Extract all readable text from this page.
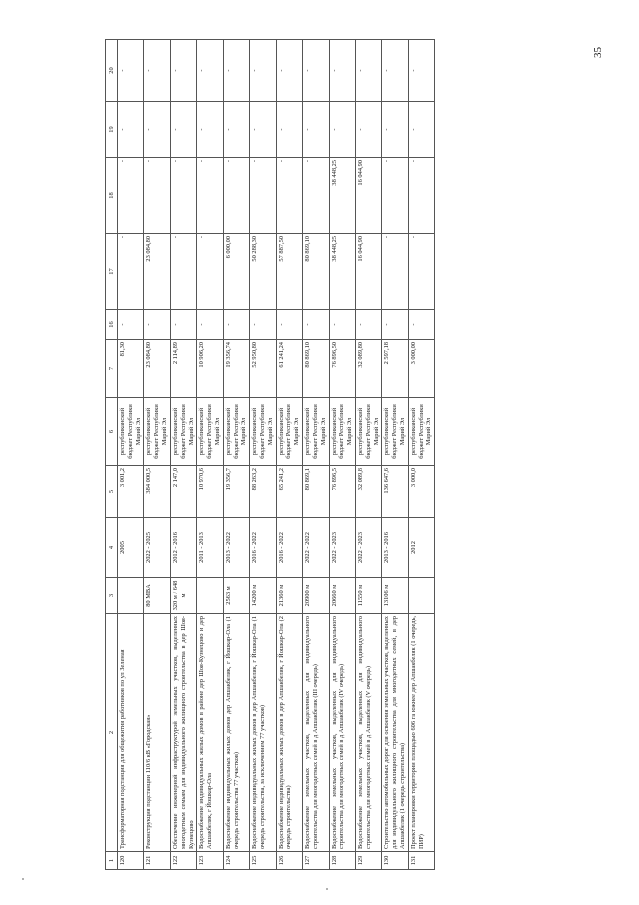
35
1	2	3	4	5	6	7	16	17	18	19	20
120	Трансформаторная подстанция для общежития работников по ул Зеленая		2005	3 001,2	республиканский бюджет Республики Марий Эл	81,30	-	-	-	-	-
121	Реконструкция подстанции 110/6 кВ «Городская»	80 MBA	2022 - 2025	384 000,5	республиканский бюджет Республики Марий Эл	23 084,80	-	23 084,80	-	-	-
122	Обеспечение инженерной инфраструктурой земельных участков, выделенных многодетным семьям для индивидуального жилищного строительства в дер Шоя-Кузнецово	320 м / 648 м	2012 - 2016	2 147,0	республиканский бюджет Республики Марий Эл	2 114,89	-	-	-	-	-
123	Водоснабжение индивидуальных жилых домов в районе дер Шоя-Кузнецово и дер Апшакбеляк, г Йошкар-Ола		2011 - 2013	10 970,6	республиканский бюджет Республики Марий Эл	10 906,20	-	-	-	-	-
124	Водоснабжение индивидуальных жилых домов дер Апшакбеляк, г Йошкар-Ола (1 очередь строительства 77 участков)	2563 м	2013 - 2022	19 356,7	республиканский бюджет Республики Марий Эл	19 356,74	-	6 000,00	-	-	-
125	Водоснабжение индивидуальных жилых домов в дер Апшакбеляк, г Йошкар-Ола (1 очередь строительства, за исключением 77 участков)	14200 м	2016 - 2022	88 263,2	республиканский бюджет Республики Марий Эл	52 950,80	-	50 288,30	-	-	-
126	Водоснабжение индивидуальных жилых домов в дер Апшакбеляк, г Йошкар-Ола (2 очередь строительства)	21360 м	2016 - 2022	65 241,2	республиканский бюджет Республики Марий Эл	61 241,24	-	57 887,50	-	-	-
127	Водоснабжение земельных участков, выделенных для индивидуального строительства для многодетных семей в д Апшакбеляк (III очередь)	20900 м	2022 - 2022	80 869,1	республиканский бюджет Республики Марий Эл	80 869,10	-	80 869,10	-	-	-
128	Водоснабжение земельных участков, выделенных для индивидуального строительства для многодетных семей в д Апшакбеляк (IV очередь)	20660 м	2022 - 2023	76 896,5	республиканский бюджет Республики Марий Эл	76 896,50	-	38 448,25	38 448,25	-	-
129	Водоснабжение земельных участков, выделенных для индивидуального строительства для многодетных семей в д Апшакбеляк (V очередь)	11550 м	2022 - 2023	32 089,8	республиканский бюджет Республики Марий Эл	32 089,80	-	16 044,90	16 044,90	-	-
130	Строительство автомобильных дорог для освоения земельных участков, выделенных для индивидуального жилищного строительства для многодетных семей, в дер Апшакбеляк (1 очередь строительства)	13106 м	2013 - 2016	136 647,6	республиканский бюджет Республики Марий Эл	2 597,18	-	-	-	-	-
131	Проект планировки территории площадью 606 га южнее дер Апшакбеляк (1 очередь, ПИР)		2012	3 000,0	республиканский бюджет Республики Марий Эл	3 000,00	-	-	-	-	-
